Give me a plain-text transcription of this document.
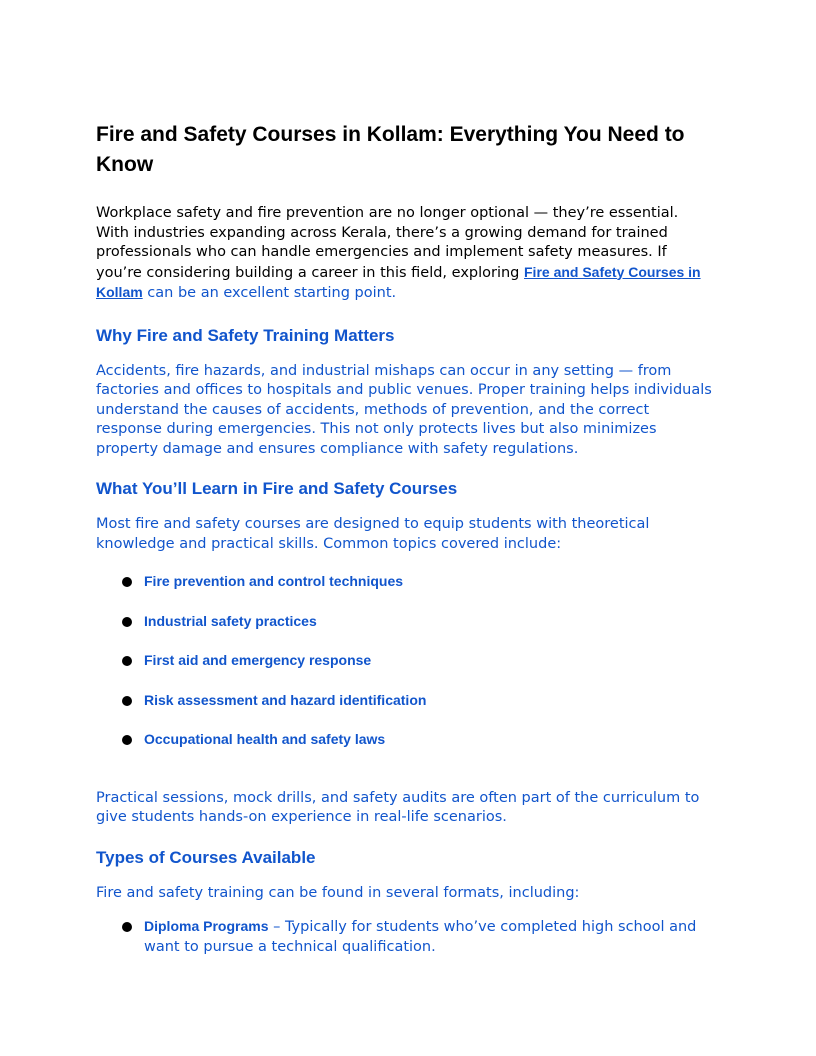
Fire and Safety Courses in Kollam: Everything You Need to Know

Workplace safety and fire prevention are no longer optional — they’re essential. With industries expanding across Kerala, there’s a growing demand for trained professionals who can handle emergencies and implement safety measures. If you’re considering building a career in this field, exploring Fire and Safety Courses in Kollam can be an excellent starting point.

Why Fire and Safety Training Matters

Accidents, fire hazards, and industrial mishaps can occur in any setting — from factories and offices to hospitals and public venues. Proper training helps individuals understand the causes of accidents, methods of prevention, and the correct response during emergencies. This not only protects lives but also minimizes property damage and ensures compliance with safety regulations.

What You’ll Learn in Fire and Safety Courses

Most fire and safety courses are designed to equip students with theoretical knowledge and practical skills. Common topics covered include:

Fire prevention and control techniques
Industrial safety practices
First aid and emergency response
Risk assessment and hazard identification
Occupational health and safety laws

Practical sessions, mock drills, and safety audits are often part of the curriculum to give students hands-on experience in real-life scenarios.

Types of Courses Available

Fire and safety training can be found in several formats, including:

Diploma Programs – Typically for students who’ve completed high school and want to pursue a technical qualification.
